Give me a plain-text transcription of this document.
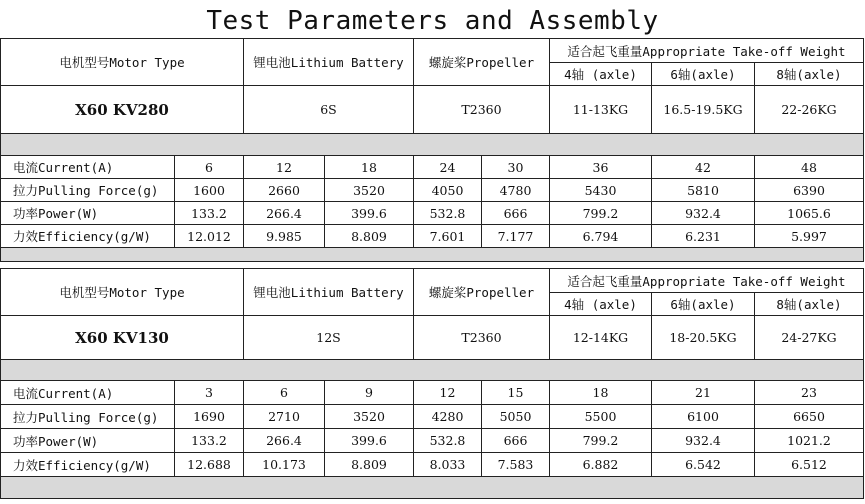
Test Parameters and Assembly
电机型号Motor Type		锂电池Lithium Battery		螺旋桨Propeller		适合起飞重量Appropriate Take-off Weight		
						4轴 (axle)	6轴(axle)	8轴(axle)
X60 KV280		6S		T2360		11-13KG	16.5-19.5KG	22-26KG

电流Current(A)	6	12	18	24	30	36	42	48
拉力Pulling Force(g)	1600	2660	3520	4050	4780	5430	5810	6390
功率Power(W)	133.2	266.4	399.6	532.8	666	799.2	932.4	1065.6
力效Efficiency(g/W)	12.012	9.985	8.809	7.601	7.177	6.794	6.231	5.997

电机型号Motor Type		锂电池Lithium Battery		螺旋桨Propeller		适合起飞重量Appropriate Take-off Weight		
						4轴 (axle)	6轴(axle)	8轴(axle)
X60 KV130		12S		T2360		12-14KG	18-20.5KG	24-27KG

电流Current(A)	3	6	9	12	15	18	21	23
拉力Pulling Force(g)	1690	2710	3520	4280	5050	5500	6100	6650
功率Power(W)	133.2	266.4	399.6	532.8	666	799.2	932.4	1021.2
力效Efficiency(g/W)	12.688	10.173	8.809	8.033	7.583	6.882	6.542	6.512
